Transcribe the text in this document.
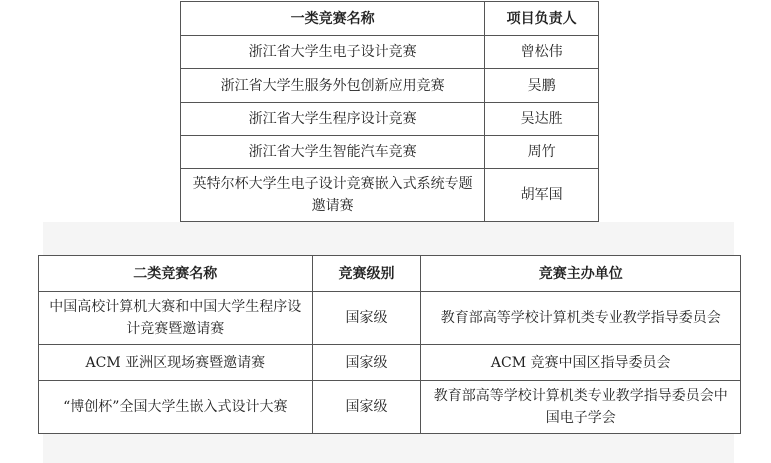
一类竞赛名称	项目负责人
浙江省大学生电子设计竞赛	曾松伟
浙江省大学生服务外包创新应用竞赛	吴鹏
浙江省大学生程序设计竞赛	吴达胜
浙江省大学生智能汽车竞赛	周竹
英特尔杯大学生电子设计竞赛嵌入式系统专题邀请赛	胡军国
二类竞赛名称	竞赛级别	竞赛主办单位
中国高校计算机大赛和中国大学生程序设计竞赛暨邀请赛	国家级	教育部高等学校计算机类专业教学指导委员会
ACM 亚洲区现场赛暨邀请赛	国家级	ACM 竞赛中国区指导委员会
“博创杯”全国大学生嵌入式设计大赛	国家级	教育部高等学校计算机类专业教学指导委员会中国电子学会
